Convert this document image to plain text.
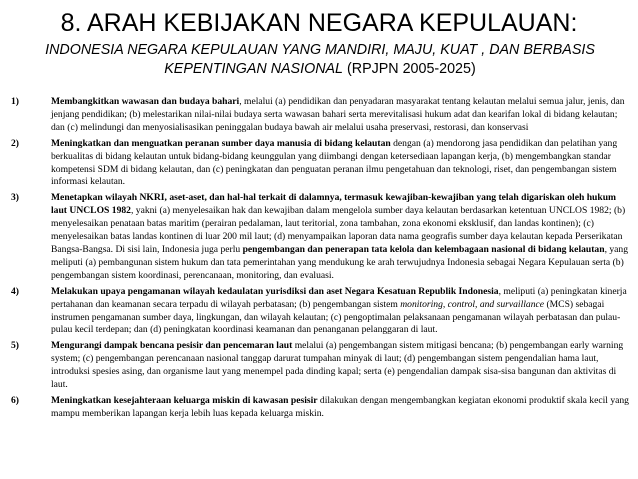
8. ARAH KEBIJAKAN NEGARA KEPULAUAN:
INDONESIA NEGARA KEPULAUAN YANG MANDIRI, MAJU, KUAT , DAN BERBASIS KEPENTINGAN NASIONAL (RPJPN 2005-2025)
1)	Membangkitkan wawasan dan budaya bahari, melalui (a) pendidikan dan penyadaran masyarakat tentang kelautan melalui semua jalur, jenis, dan jenjang pendidikan; (b) melestarikan nilai-nilai budaya serta wawasan bahari serta merevitalisasi hukum adat dan kearifan lokal di bidang kelautan; dan (c) melindungi dan menyosialisasikan peninggalan budaya bawah air melalui usaha preservasi, restorasi, dan konservasi
2)	Meningkatkan dan menguatkan peranan sumber daya manusia di bidang kelautan dengan (a) mendorong jasa pendidikan dan pelatihan yang berkualitas di bidang kelautan untuk bidang-bidang keunggulan yang diimbangi dengan ketersediaan lapangan kerja, (b) mengembangkan standar kompetensi SDM di bidang kelautan, dan (c) peningkatan dan penguatan peranan ilmu pengetahuan dan teknologi, riset, dan pengembangan sistem informasi kelautan.
3)	Menetapkan wilayah NKRI, aset-aset, dan hal-hal terkait di dalamnya, termasuk kewajiban-kewajiban yang telah digariskan oleh hukum laut UNCLOS 1982, yakni (a) menyelesaikan hak dan kewajiban dalam mengelola sumber daya kelautan berdasarkan ketentuan UNCLOS 1982; (b) menyelesaikan penataan batas maritim (perairan pedalaman, laut teritorial, zona tambahan, zona ekonomi eksklusif, dan landas kontinen); (c) menyelesaikan batas landas kontinen di luar 200 mil laut; (d) menyampaikan laporan data nama geografis sumber daya kelautan kepada Perserikatan Bangsa-Bangsa. Di sisi lain, Indonesia juga perlu pengembangan dan penerapan tata kelola dan kelembagaan nasional di bidang kelautan, yang meliputi (a) pembangunan sistem hukum dan tata pemerintahan yang mendukung ke arah terwujudnya Indonesia sebagai Negara Kepulauan serta (b) pengembangan sistem koordinasi, perencanaan, monitoring, dan evaluasi.
4)	Melakukan upaya pengamanan wilayah kedaulatan yurisdiksi dan aset Negara Kesatuan Republik Indonesia, meliputi (a) peningkatan kinerja pertahanan dan keamanan secara terpadu di wilayah perbatasan; (b) pengembangan sistem monitoring, control, and survaillance (MCS) sebagai instrumen pengamanan sumber daya, lingkungan, dan wilayah kelautan; (c) pengoptimalan pelaksanaan pengamanan wilayah perbatasan dan pulau- pulau kecil terdepan; dan (d) peningkatan koordinasi keamanan dan penanganan pelanggaran di laut.
5)	Mengurangi dampak bencana pesisir dan pencemaran laut melalui (a) pengembangan sistem mitigasi bencana; (b) pengembangan early warning system; (c) pengembangan perencanaan nasional tanggap darurat tumpahan minyak di laut; (d) pengembangan sistem pengendalian hama laut, introduksi spesies asing, dan organisme laut yang menempel pada dinding kapal; serta (e) pengendalian dampak sisa-sisa bangunan dan aktivitas di laut.
6)	Meningkatkan kesejahteraan keluarga miskin di kawasan pesisir dilakukan dengan mengembangkan kegiatan ekonomi produktif skala kecil yang mampu memberikan lapangan kerja lebih luas kepada keluarga miskin.
